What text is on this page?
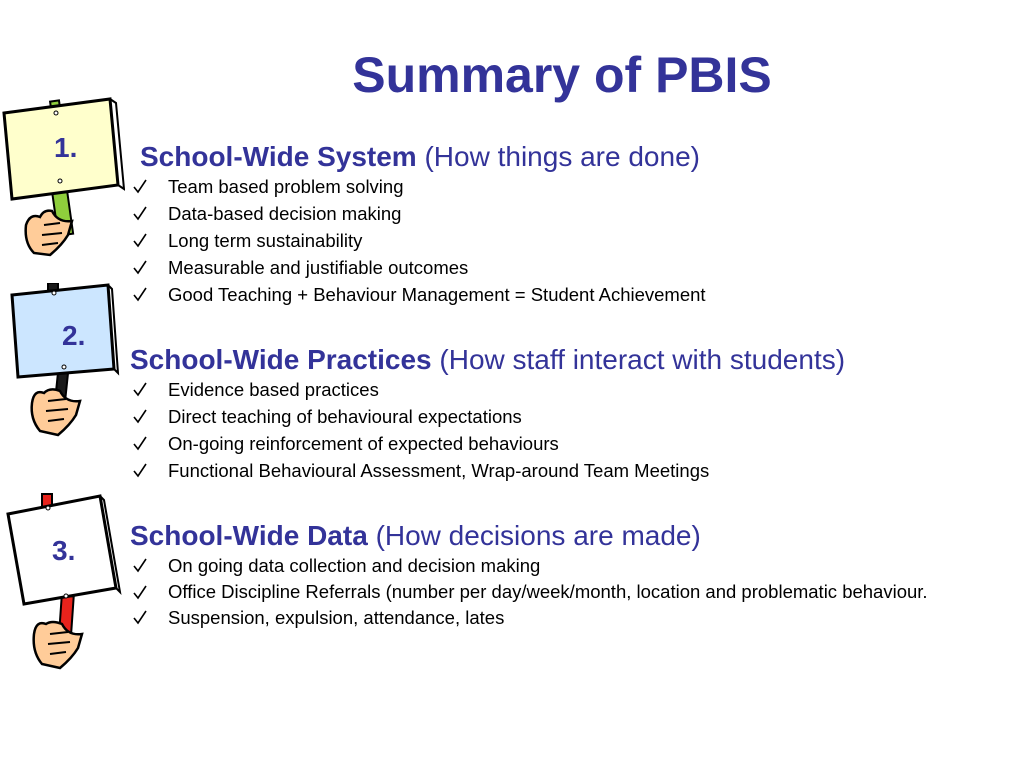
Summary of PBIS
1.
2.
3.
School-Wide System (How things are done)
Team based problem solving
Data-based decision making
Long term sustainability
Measurable and justifiable outcomes
Good Teaching + Behaviour Management = Student Achievement
School-Wide Practices (How staff interact with students)
Evidence based practices
Direct teaching of behavioural expectations
On-going reinforcement of expected behaviours
Functional Behavioural Assessment, Wrap-around Team Meetings
School-Wide Data (How decisions are made)
On going data collection and decision making
Office Discipline Referrals (number per day/week/month, location and problematic behaviour.
Suspension, expulsion, attendance, lates
